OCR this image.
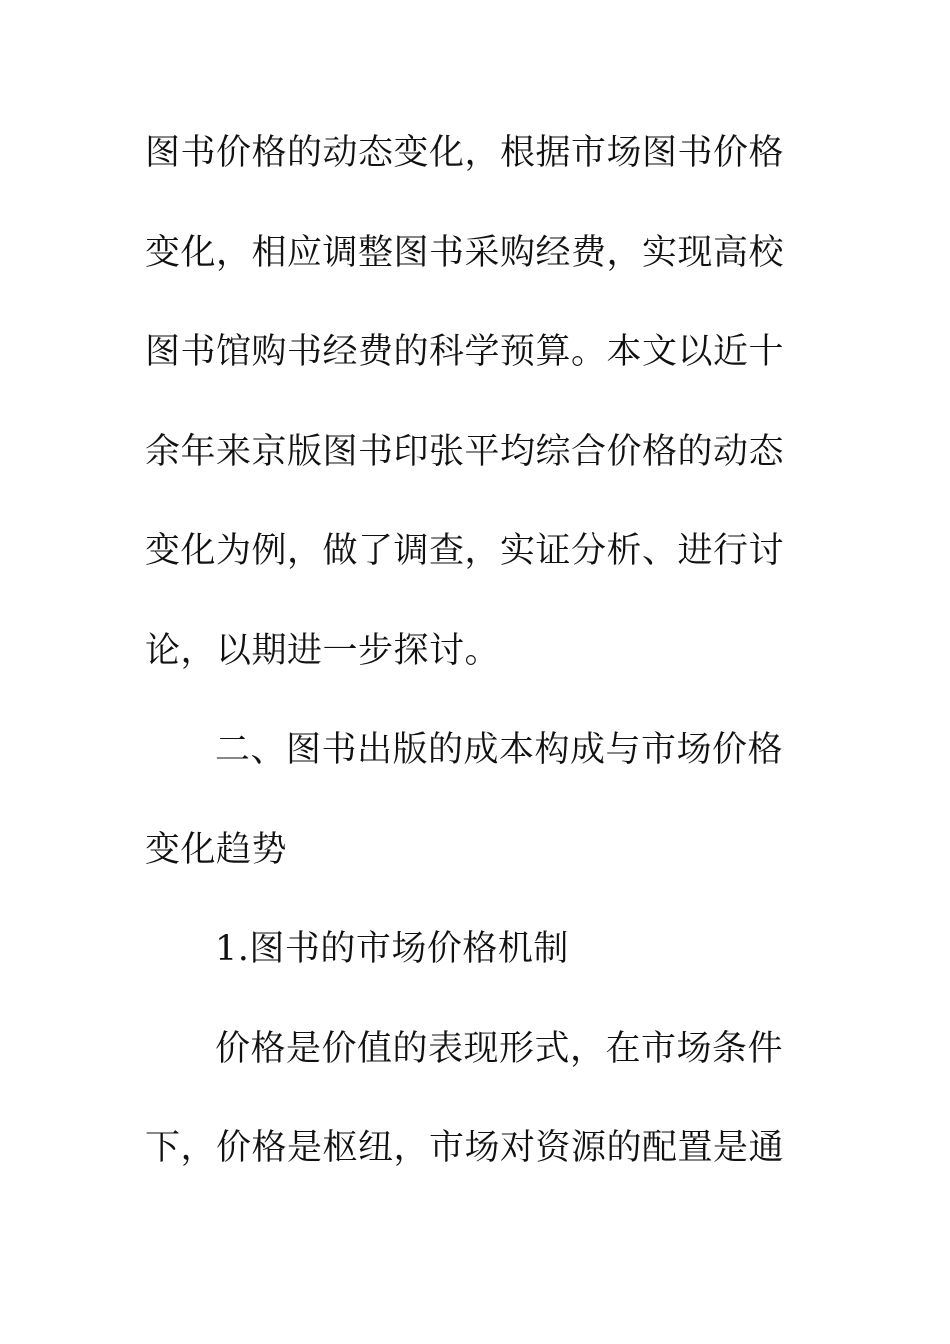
图书价格的动态变化，根据市场图书价格
变化，相应调整图书采购经费，实现高校
图书馆购书经费的科学预算。本文以近十
余年来京版图书印张平均综合价格的动态
变化为例，做了调查，实证分析、进行讨
论，以期进一步探讨。
二、图书出版的成本构成与市场价格
变化趋势
1.图书的市场价格机制
价格是价值的表现形式，在市场条件
下，价格是枢纽，市场对资源的配置是通
